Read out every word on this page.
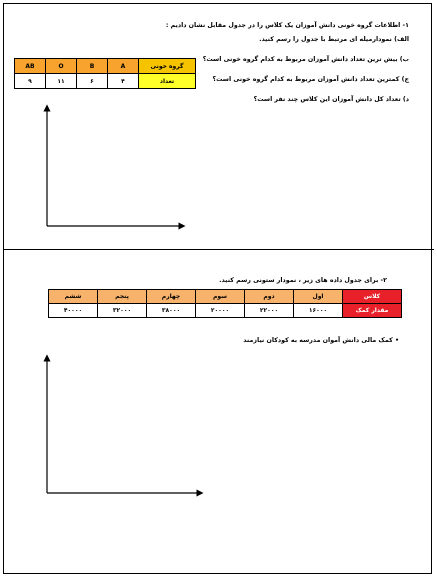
۱- اطلاعات گروه خونی دانش آموزان یک کلاس را در جدول مقابل نشان دادیم :
الف) نمودارمیله ای مرتبط با جدول را رسم کنید.
ب) بیش ترین تعداد دانش آموزان مربوط به کدام گروه خونی است؟
ج) کمترین تعداد دانش آموزان مربوط به کدام گروه خونی است؟
د) تعداد کل دانش آموزان این کلاس چند نفر است؟
گروه خونی	A	B	O	AB
تعداد	۴	۶	۱۱	۹
۲- برای جدول داده های زیر ، نمودار ستونی رسم کنید.
کلاس	اول	دوم	سوم	چهارم	پنجم	ششم
مقدار کمک	۱۶۰۰۰	۲۲۰۰۰	۲۰۰۰۰	۳۸۰۰۰	۳۲۰۰۰	۴۰۰۰۰
• کمک مالی دانش آموان مدرسه به کودکان نیازمند
